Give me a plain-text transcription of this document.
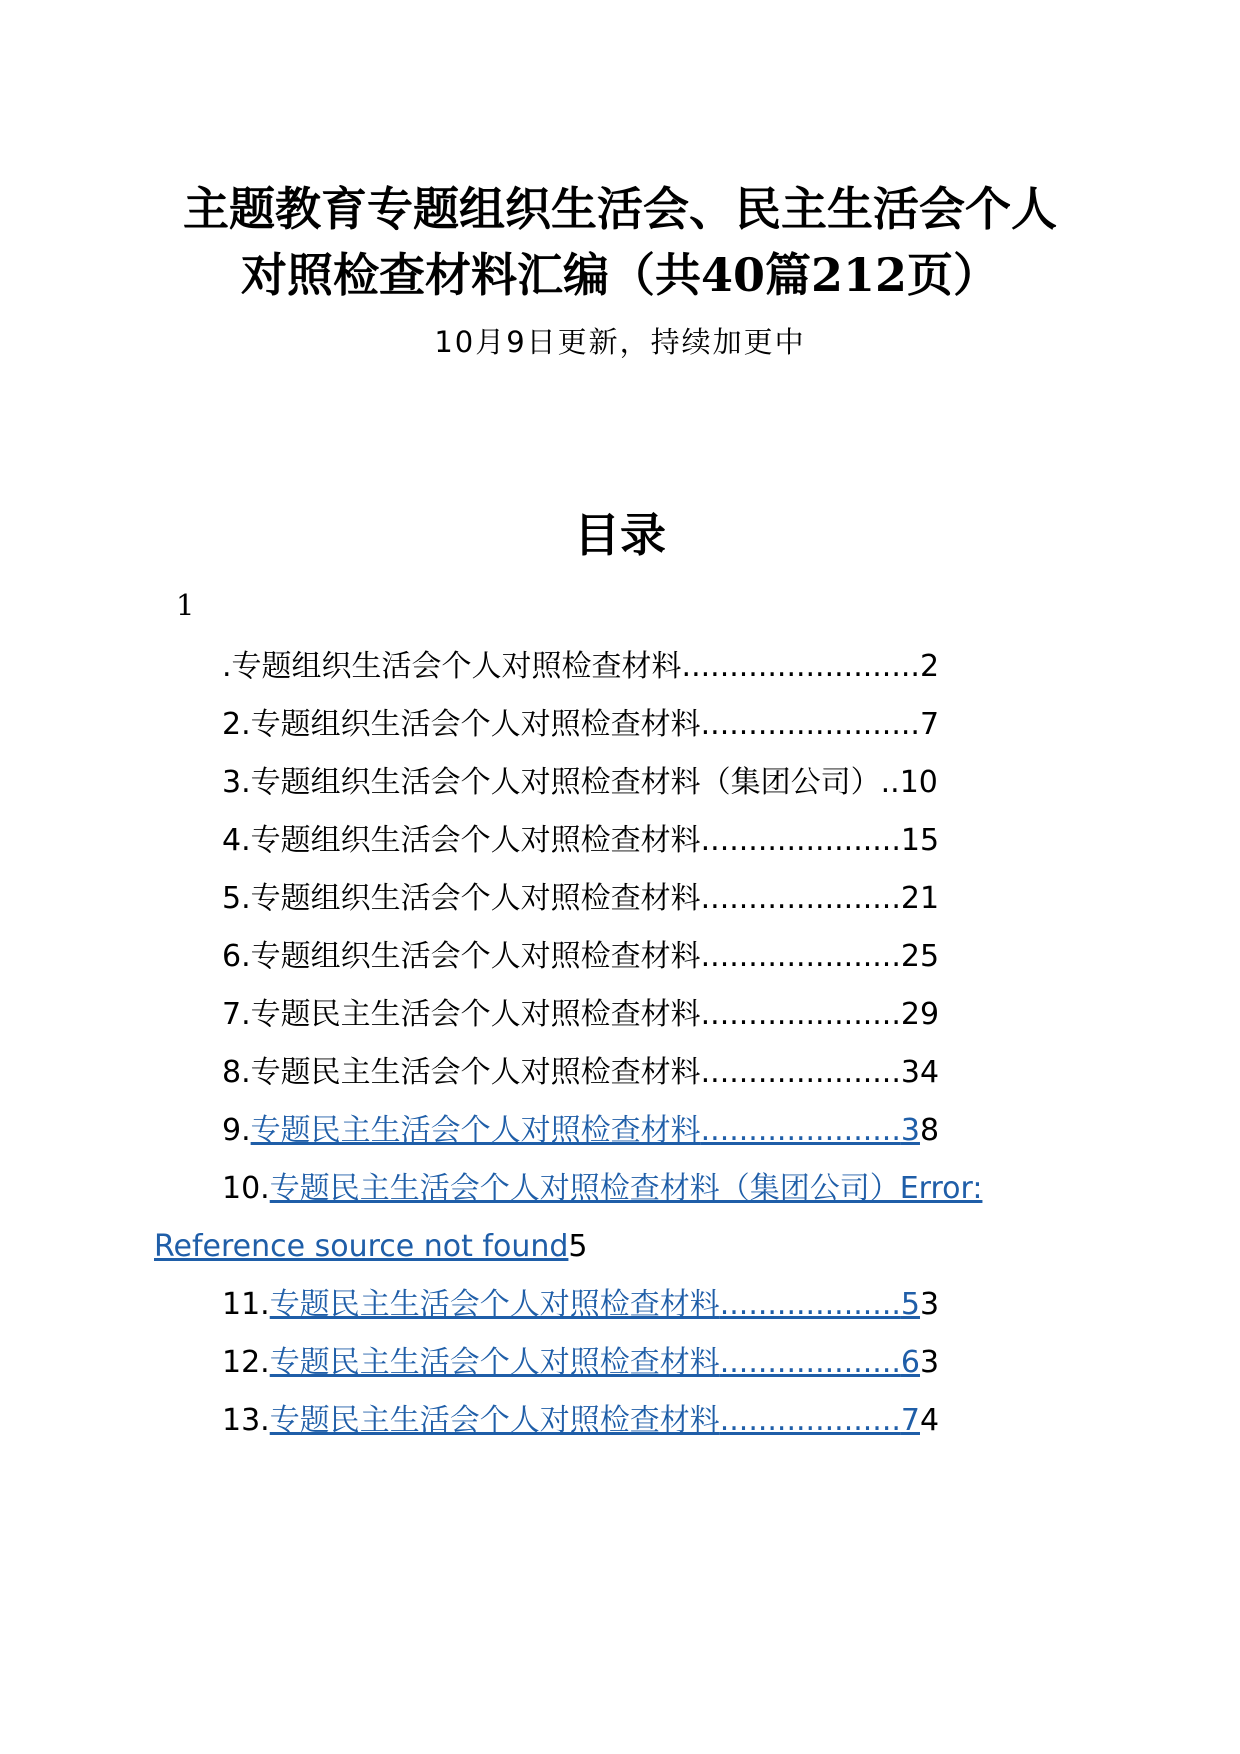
主题教育专题组织生活会、民主生活会个人
对照检查材料汇编（共40篇212页）
10月9日更新，持续加更中
目录
1
.专题组织生活会个人对照检查材料.........................2
2.专题组织生活会个人对照检查材料.......................7
3.专题组织生活会个人对照检查材料（集团公司）..10
4.专题组织生活会个人对照检查材料.....................15
5.专题组织生活会个人对照检查材料.....................21
6.专题组织生活会个人对照检查材料.....................25
7.专题民主生活会个人对照检查材料.....................29
8.专题民主生活会个人对照检查材料.....................34
9.专题民主生活会个人对照检查材料.....................38
10.专题民主生活会个人对照检查材料（集团公司）Error:
Reference source not found5
11.专题民主生活会个人对照检查材料...................53
12.专题民主生活会个人对照检查材料...................63
13.专题民主生活会个人对照检查材料...................74
